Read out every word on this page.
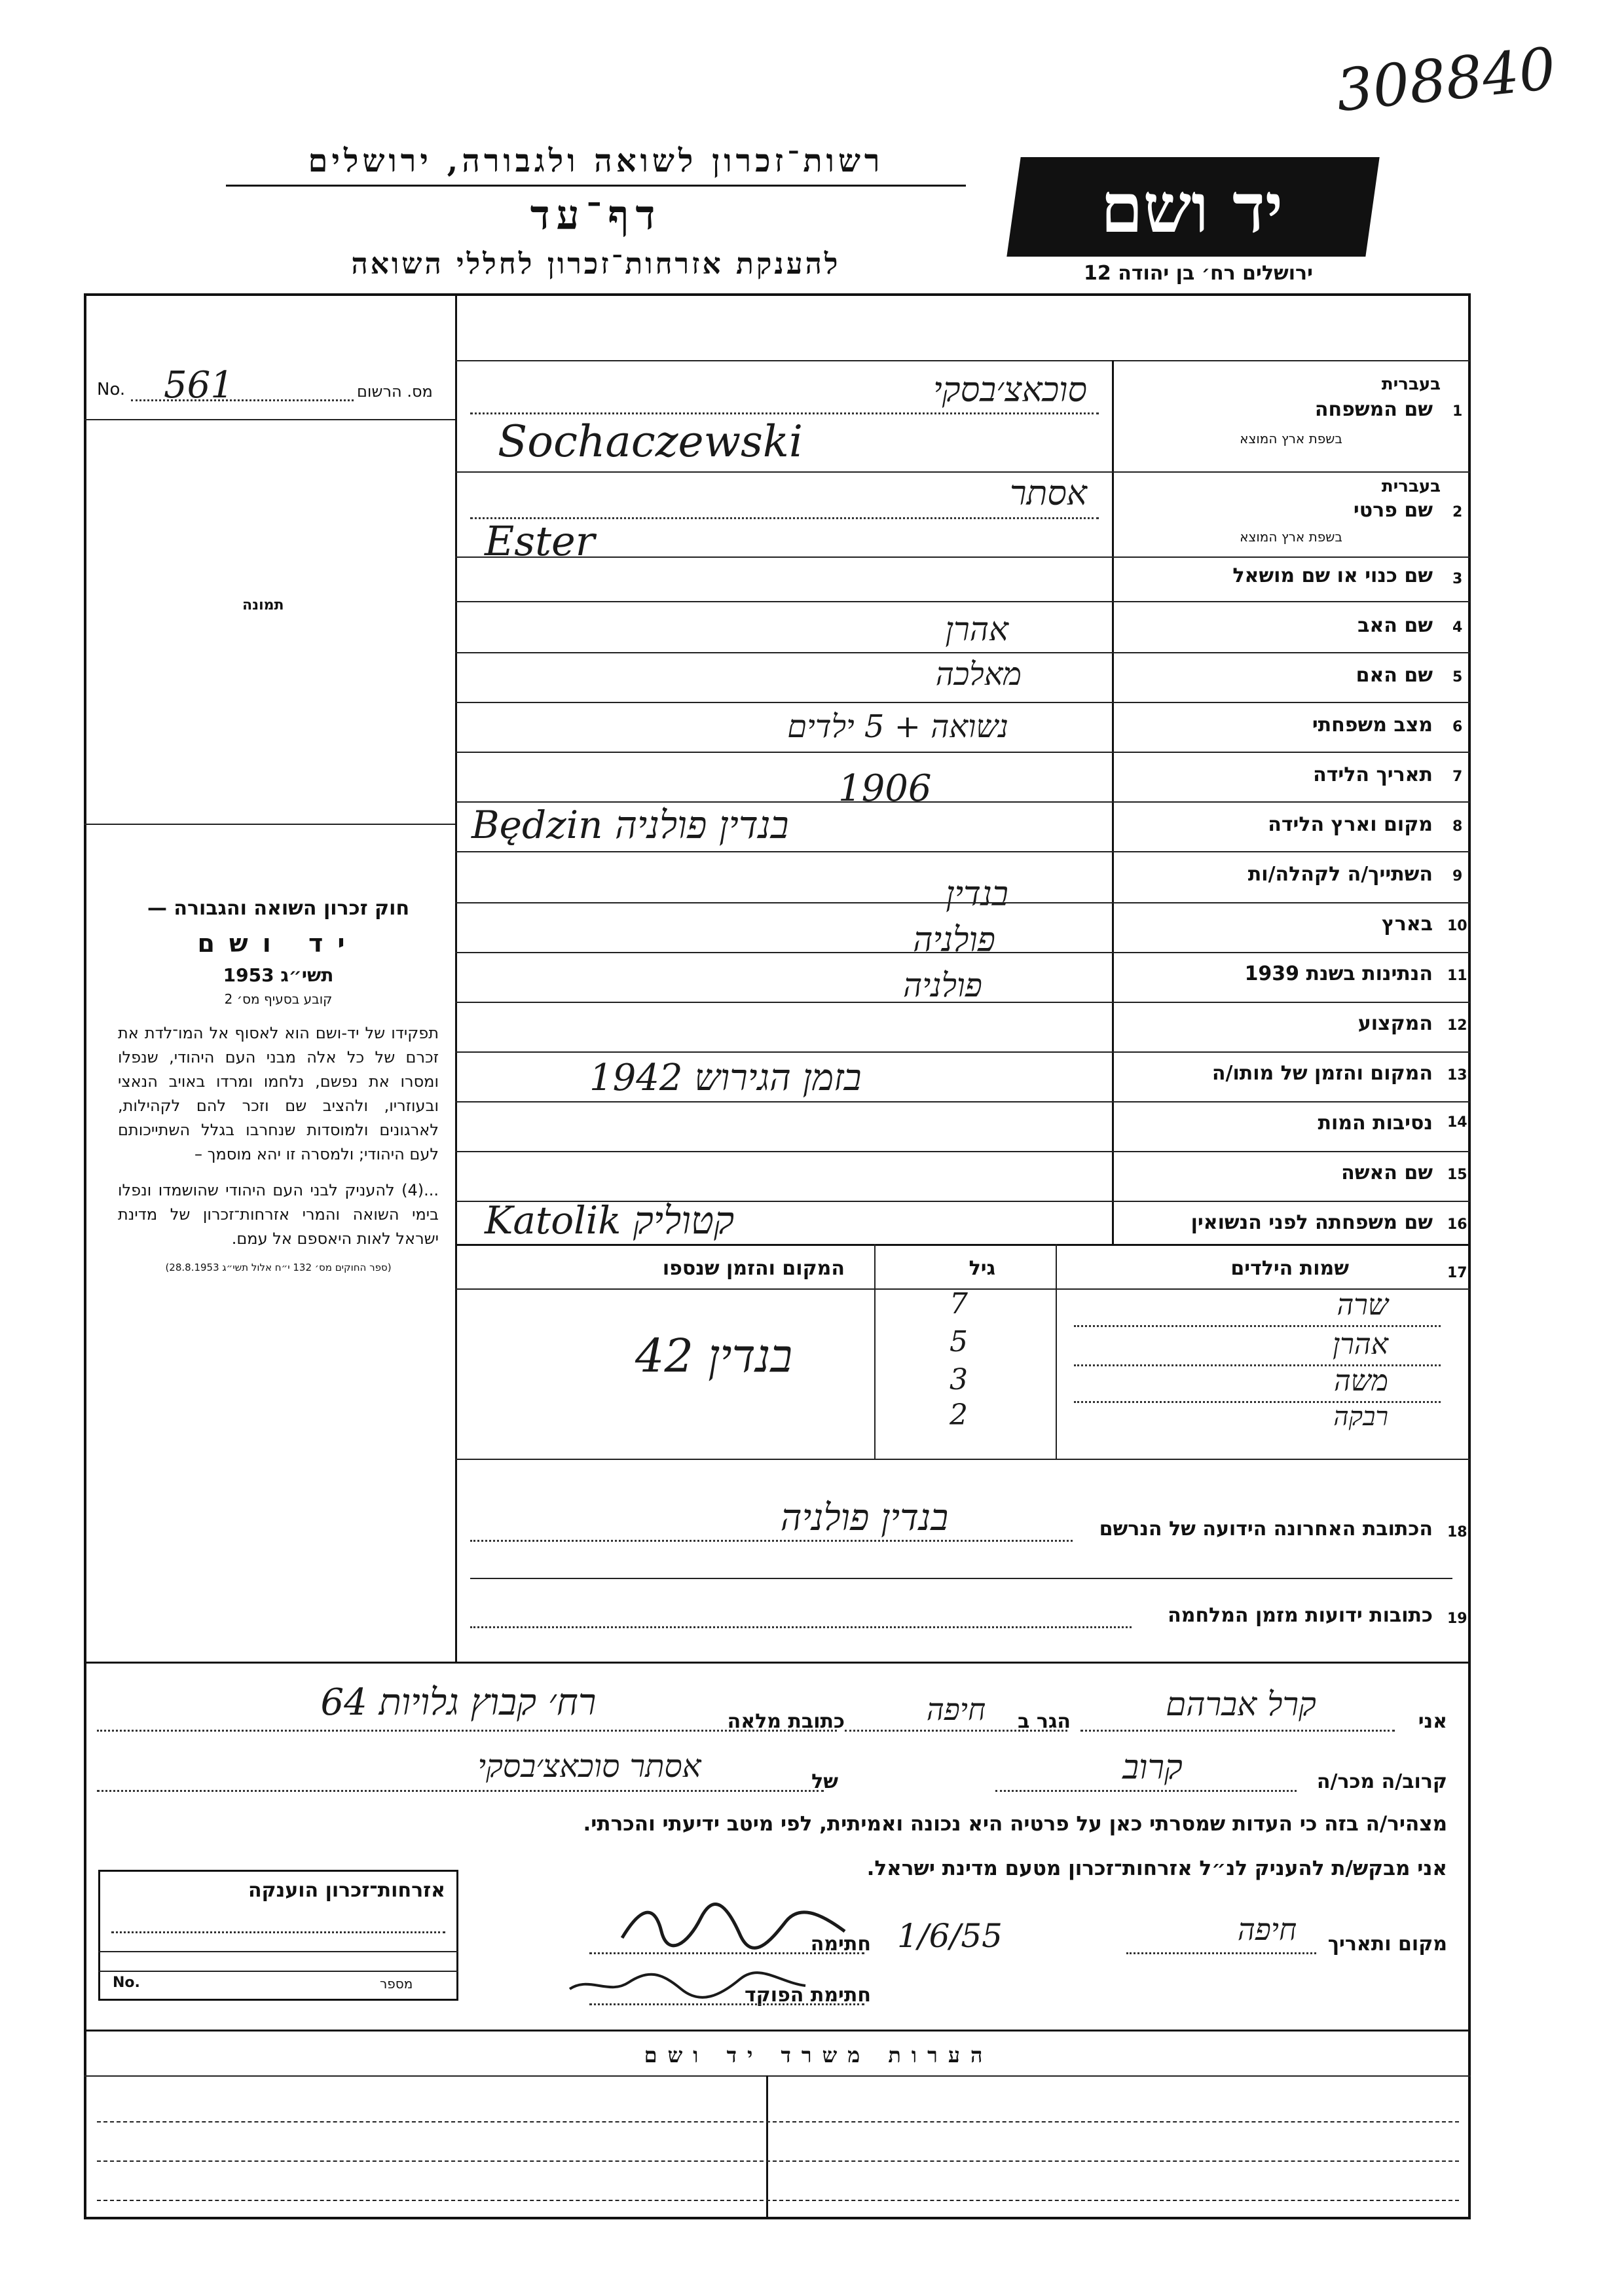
308840
רשות־זכרון לשואה ולגבורה, ירושלים
דף־עד
להענקת אזרחות־זכרון לחללי השואה
יד ושם
ירושלים רח׳ בן יהודה 12
No. 561	מס. הרשום
תמונה

חוק זכרון השואה והגבורה —

יד ושם

תשי״ג 1953

קובע בסעיף מס׳ 2

תפקידו של יד-ושם הוא לאסוף אל המו־לדת את זכרם של כל אלה מבני העם היהודי, שנפלו ומסרו את נפשם, נלחמו ומרדו באויב הנאצי ובעוזריו, ולהציב שם וזכר להם לקהילות, לארגונים ולמוסדות שנחרבו בגלל השתייכותם לעם היהודי; ולמסרה זו יהא מוסמך –

...(4) להעניק לבני העם היהודי שהושמדו ונפלו בימי השואה והמרי אזרחות־זכרון של מדינת ישראל לאות היאספם אל עמם.

(ספר החוקים מס׳ 132 י״ח אלול תשי״ג 28.8.1953)

1
שם המשפחה
בעברית
בשפת ארץ המוצא
סוכאצ׳בסקי
Sochaczewski
2
שם פרטי
בעברית
בשפת ארץ המוצא
אסתר
Ester
3
שם כנוי או שם מושאל
4
שם האב
אהרן
5
שם האם
מאלכה
6
מצב משפחתי
נשואה + 5 ילדים
7
תאריך הלידה
1906
8
מקום וארץ הלידה
Będzin בנדין פולניה
9
השתייך/ה לקהלה/ות
בנדין
10
בארץ
פולניה
11
הנתינות בשנת 1939
פולניה
12
המקצוע
13
המקום והזמן של מותו/ה
1942 בזמן הגירוש
14
נסיבות המות
15
שם האשה
16
שם משפחתה לפני הנשואין
Katolik קטוליק
17
שמות הילדים
גיל
המקום והזמן שנספו
שרה
7
אהרן
5
משה
3
רבקה
2
בנדין 42
18
הכתובת האחרונה הידועה של הנרשם
בנדין פולניה
19
כתובות ידועות מזמן המלחמה
אני
קרל אברהם
הגר ב
חיפה
כתובת מלאה
רח׳ קבוץ גלויות 64
קרוב/ה מכר/ה
קרוב
של
אסתר סוכאצ׳בסקי
מצהיר/ה בזה כי העדות שמסרתי כאן על פרטיה היא נכונה ואמיתית, לפי מיטב ידיעתי והכרתי.
אני מבקש/ת להעניק לנ״ל אזרחות־זכרון מטעם מדינת ישראל.
מקום ותאריך
חיפה
1/6/55
חתימה
חתימת הפוקד
אזרחות־זכרון הוענקה
No.	מספר
הערות משרד יד ושם
